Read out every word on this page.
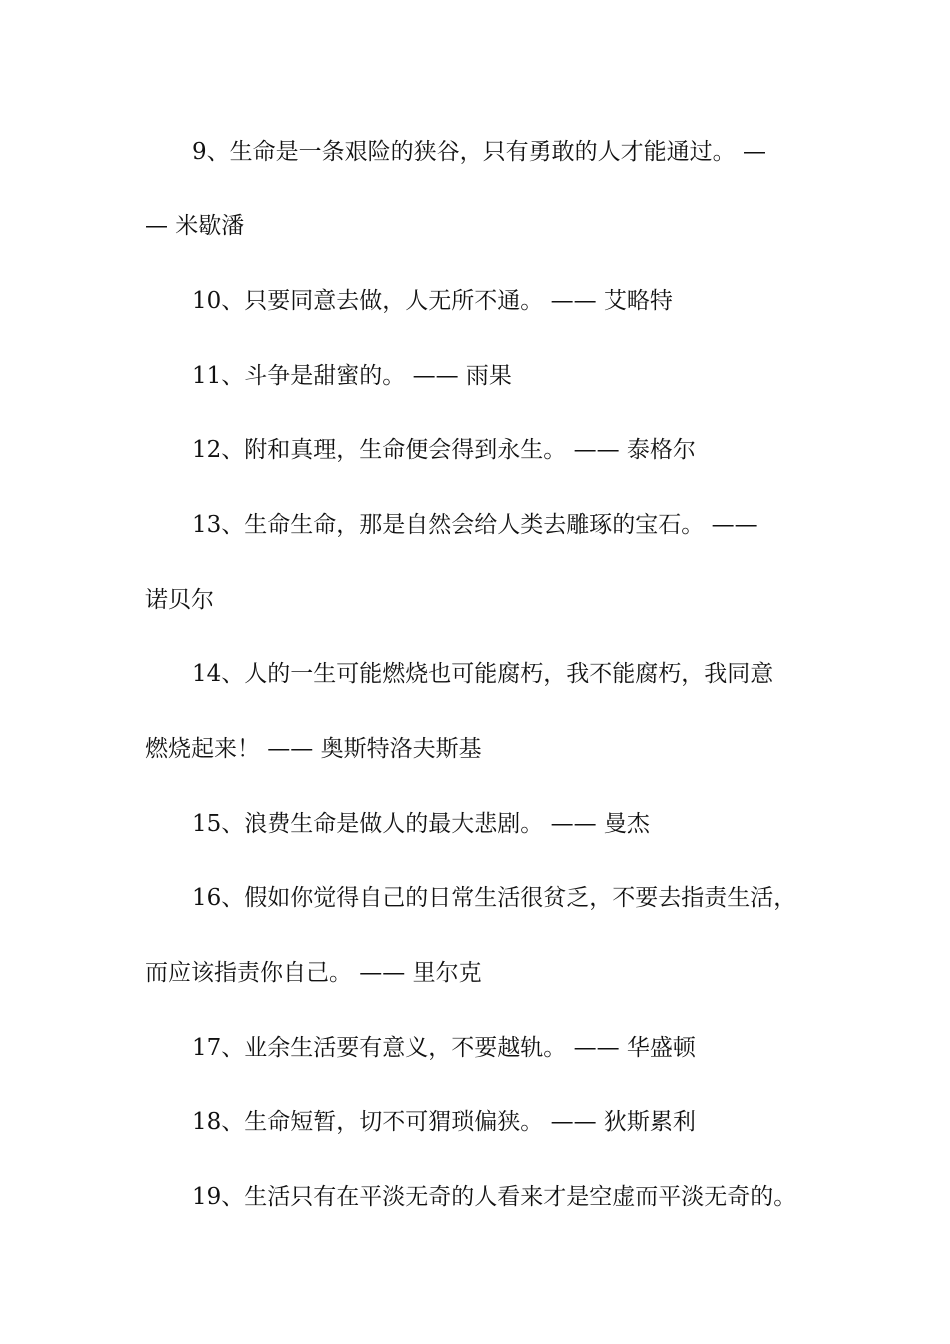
9、生命是一条艰险的狭谷，只有勇敢的人才能通过。 —
— 米歇潘
10、只要同意去做，人无所不通。 —— 艾略特
11、斗争是甜蜜的。 —— 雨果
12、附和真理，生命便会得到永生。 —— 泰格尔
13、生命生命，那是自然会给人类去雕琢的宝石。 ——
诺贝尔
14、人的一生可能燃烧也可能腐朽，我不能腐朽，我同意
燃烧起来！ —— 奥斯特洛夫斯基
15、浪费生命是做人的最大悲剧。 —— 曼杰
16、假如你觉得自己的日常生活很贫乏，不要去指责生活，
而应该指责你自己。 —— 里尔克
17、业余生活要有意义，不要越轨。 —— 华盛顿
18、生命短暂，切不可猬琐偏狭。 —— 狄斯累利
19、生活只有在平淡无奇的人看来才是空虚而平淡无奇的。
